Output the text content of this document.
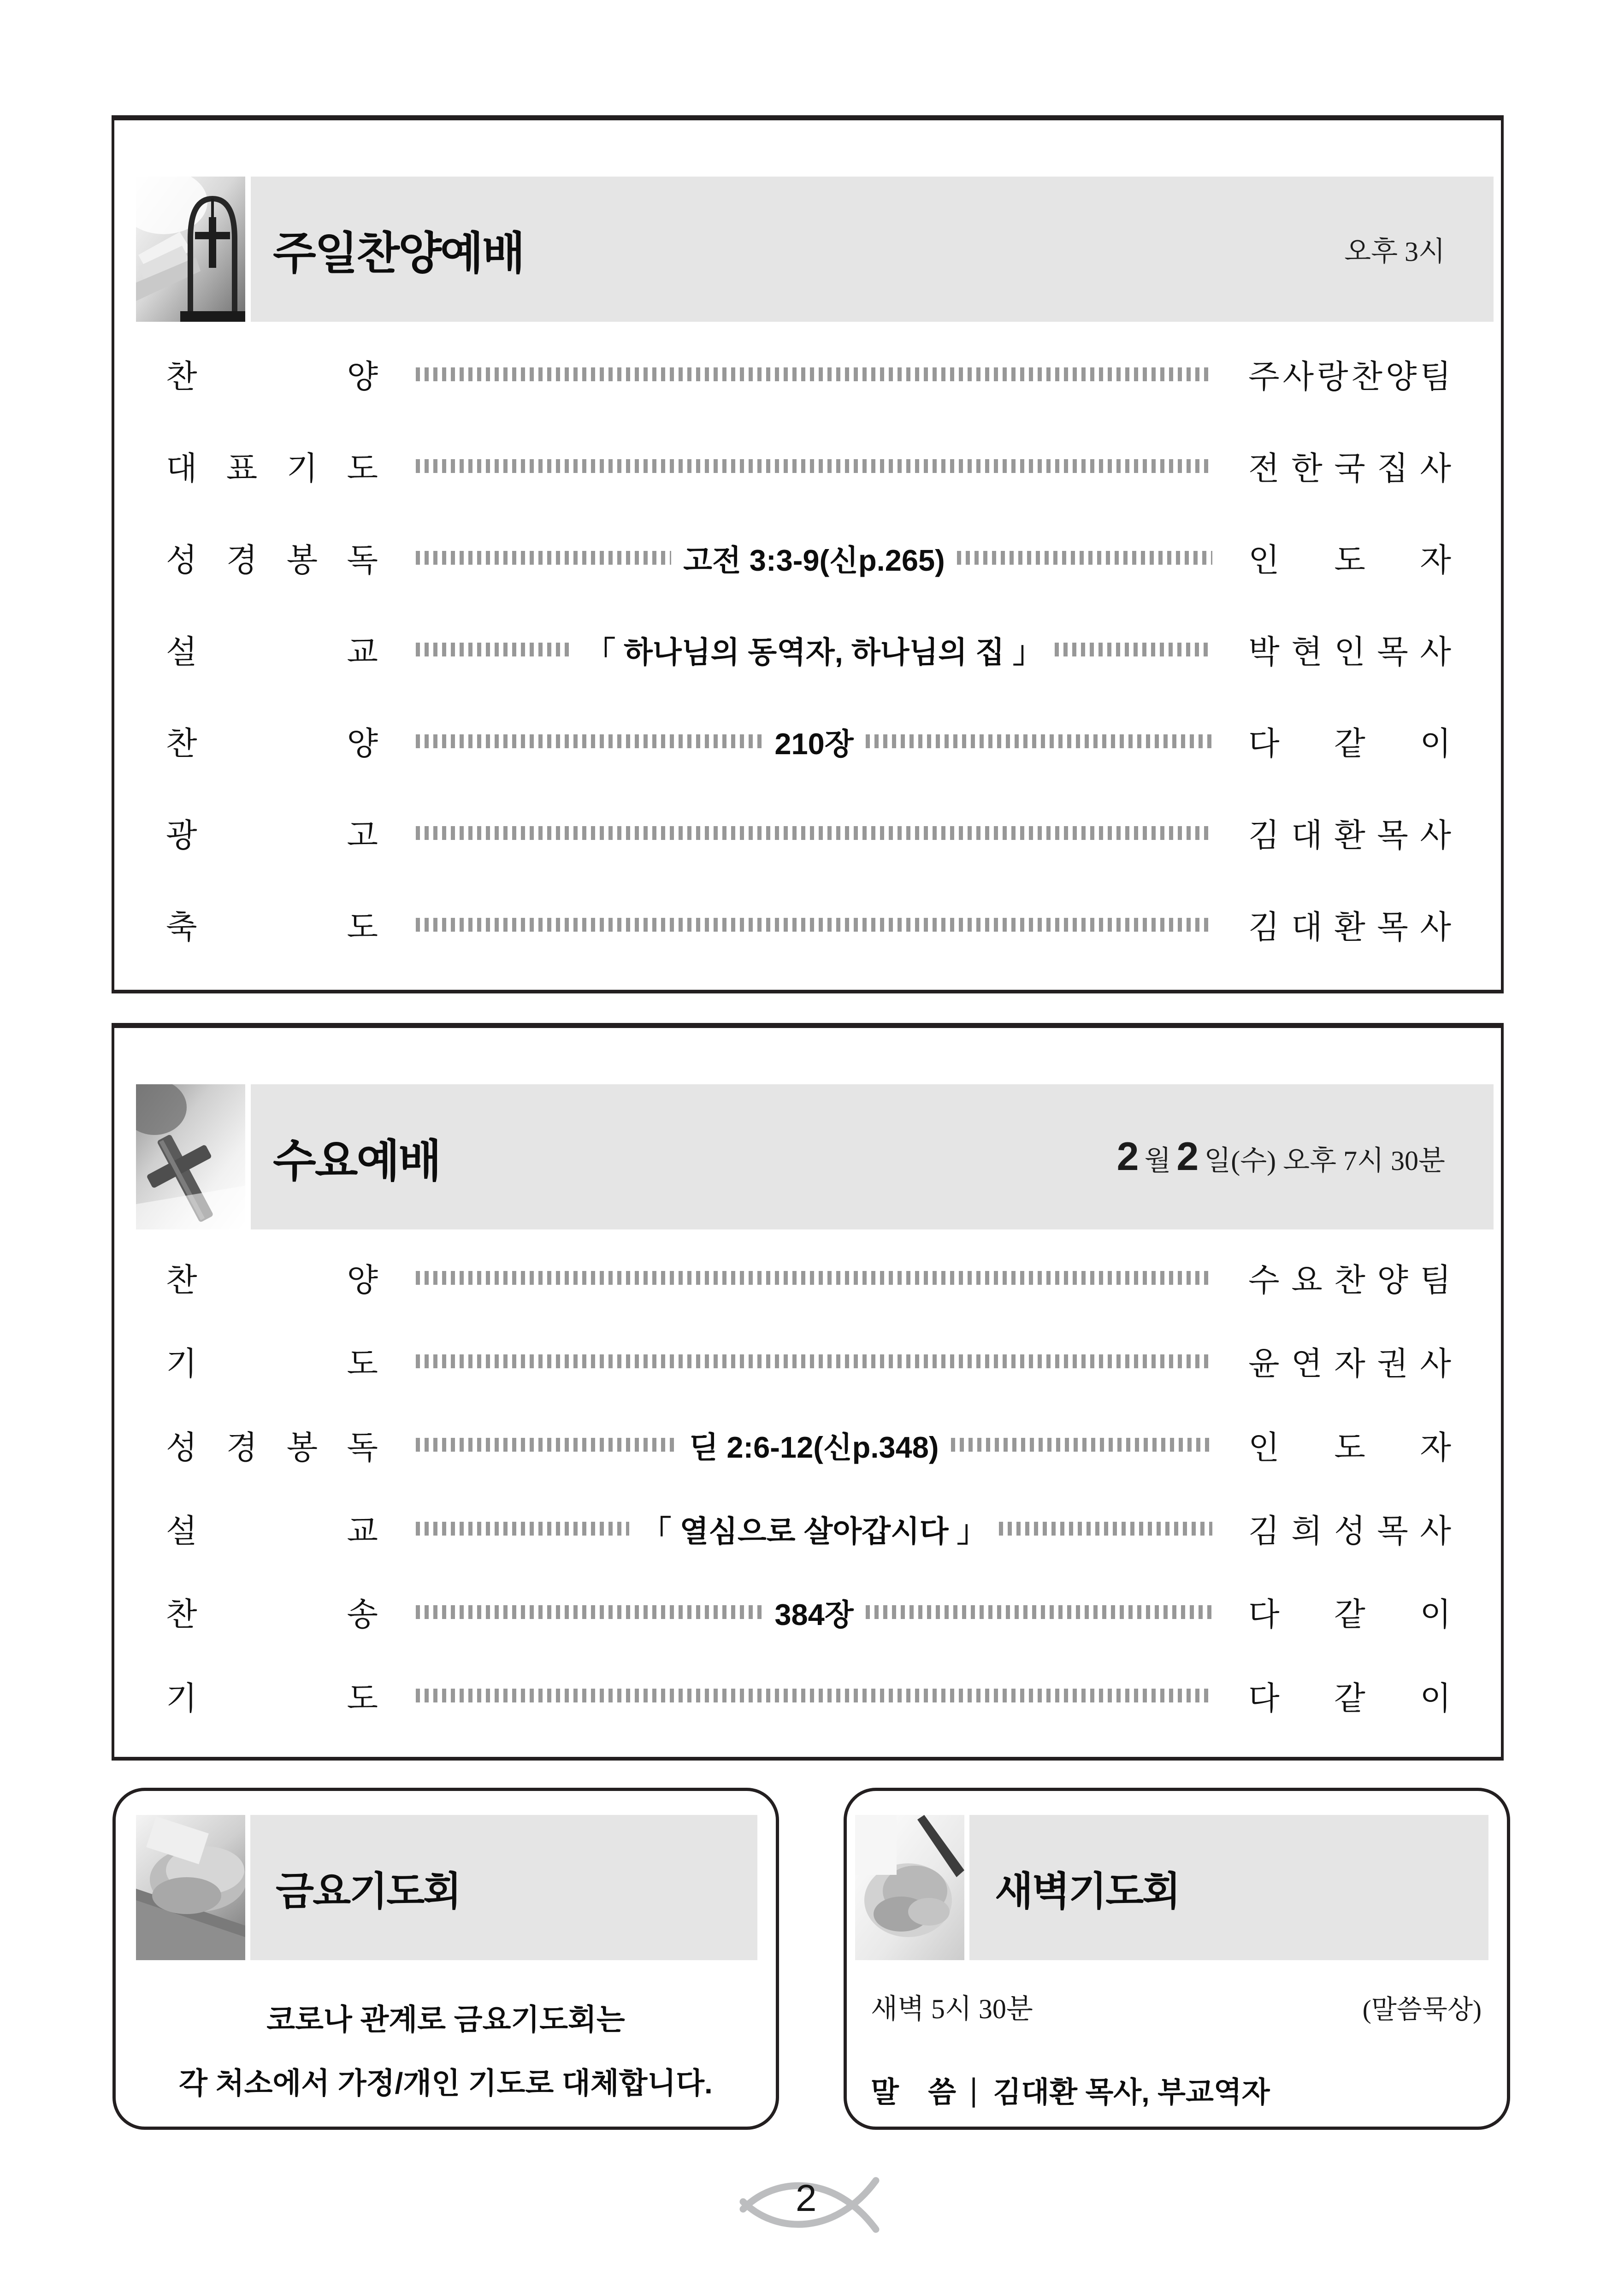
주일찬양예배	오후 3시
찬	양	주 사 랑 찬 양 팀
대 표 기 도	전 한 국 집 사
성 경 봉 독	고전 3:3-9(신p.265)	인 도 자
설	교	「 하나님의 동역자, 하나님의 집 」	박 현 인 목 사
찬	양	210장	다 같 이
광	고	김 대 환 목 사
축	도	김 대 환 목 사
수요예배	2 월 2 일(수) 오후 7시 30분
찬	양	수 요 찬 양 팀
기	도	윤 연 자 권 사
성 경 봉 독	딛 2:6-12(신p.348)	인 도 자
설	교	「 열심으로 살아갑시다 」	김 희 성 목 사
찬	송	384장	다 같 이
기	도	다 같 이
금요기도회
코로나 관계로 금요기도회는
각 처소에서 가정/개인 기도로 대체합니다.
새벽기도회
새벽 5시 30분	(말씀묵상)
말
씀 | 김대환 목사, 부교역자
2
